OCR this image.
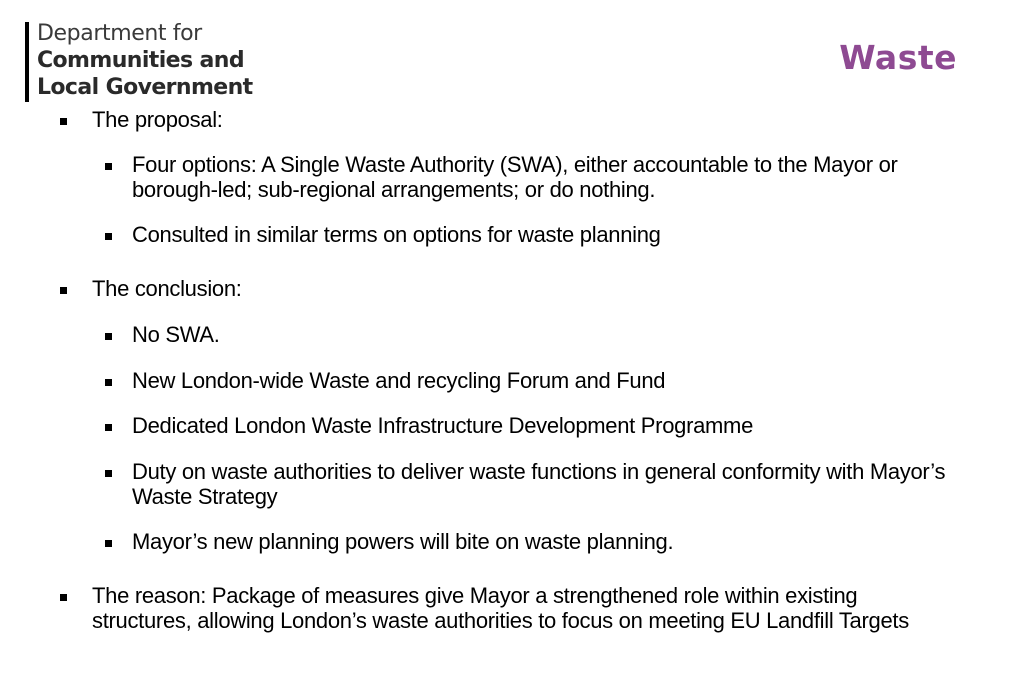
Department for
Communities and
Local Government
Waste
The proposal:
Four options: A Single Waste Authority (SWA), either accountable to the Mayor or borough-led; sub-regional arrangements; or do nothing.
Consulted in similar terms on options for waste planning
The conclusion:
No SWA.
New London-wide Waste and recycling Forum and Fund
Dedicated London Waste Infrastructure Development Programme
Duty on waste authorities to deliver waste functions in general conformity with Mayor’s Waste Strategy
Mayor’s new planning powers will bite on waste planning.
The reason: Package of measures give Mayor a strengthened role within existing structures, allowing London’s waste authorities to focus on meeting EU Landfill Targets
